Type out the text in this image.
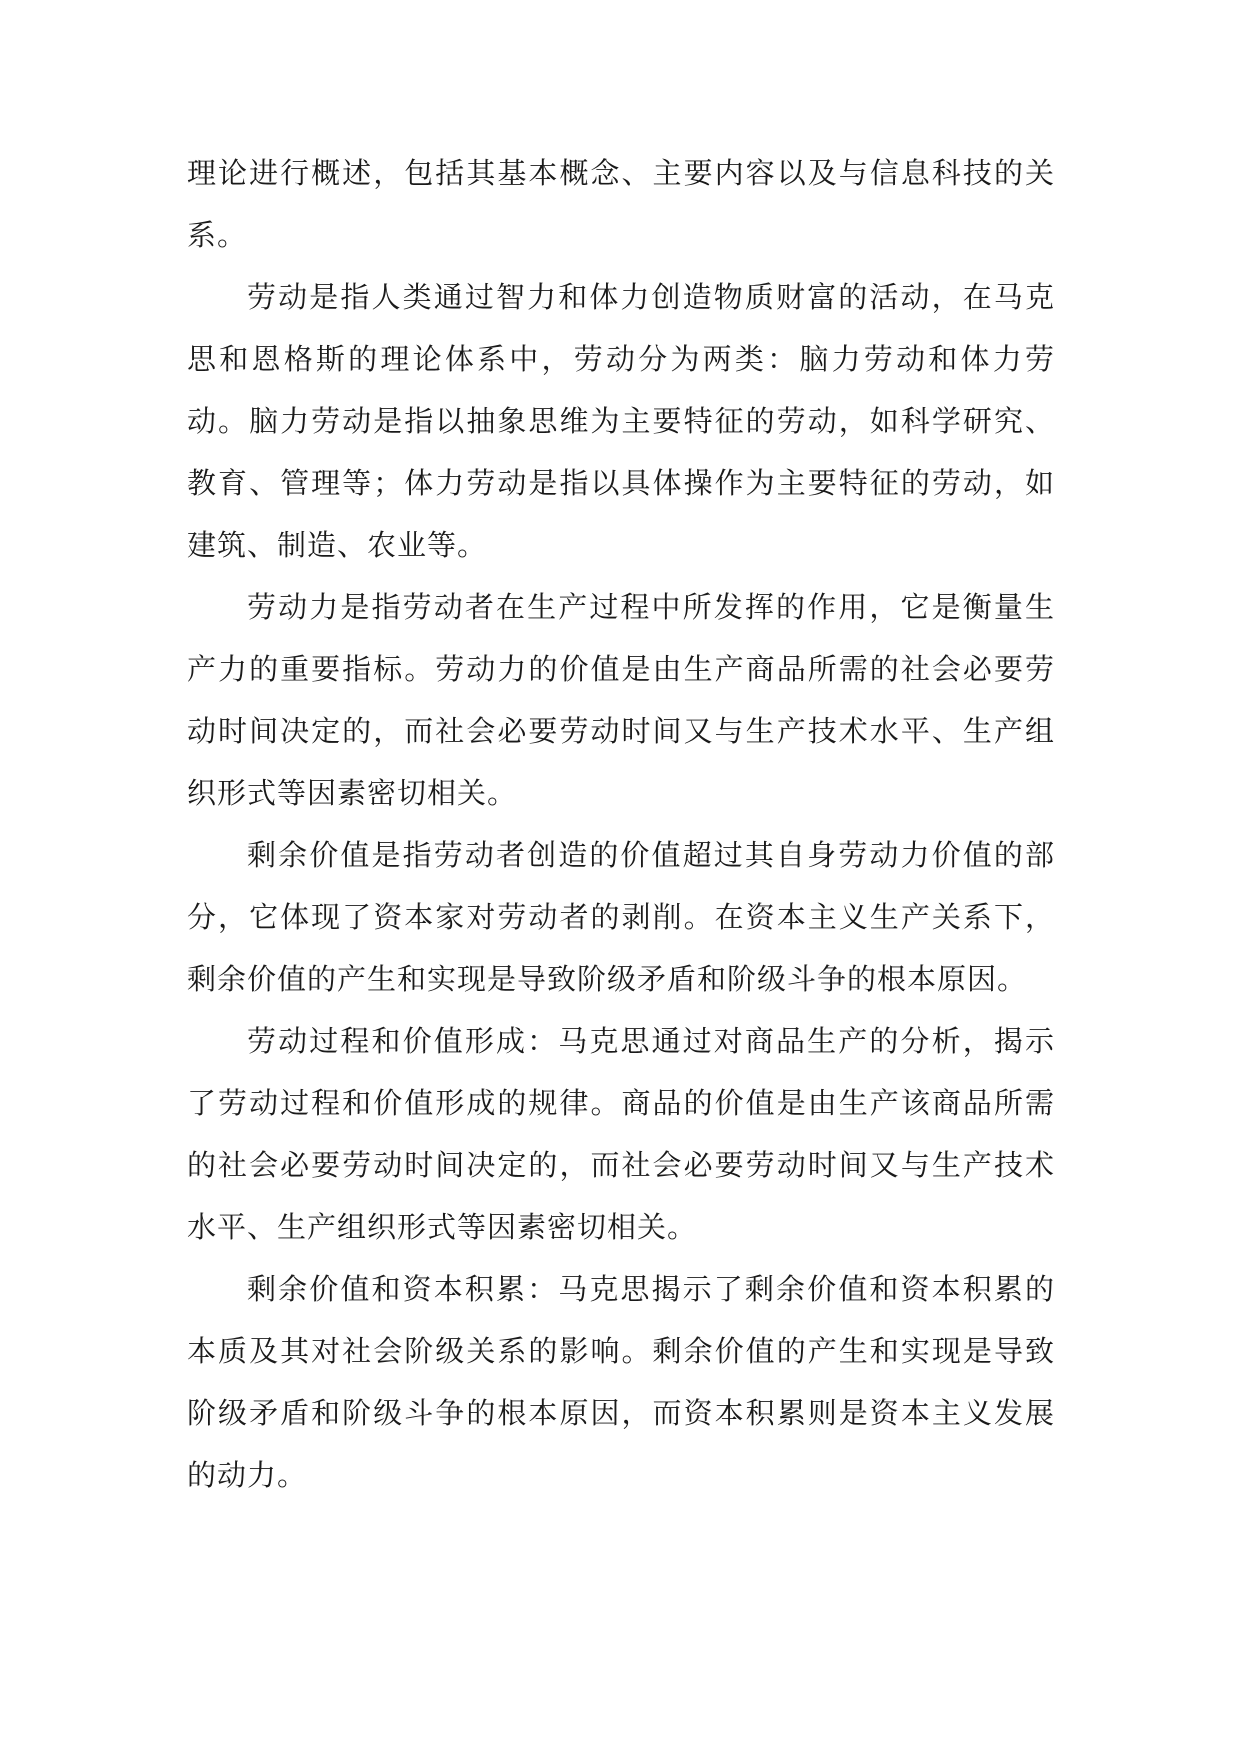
理论进行概述，包括其基本概念、主要内容以及与信息科技的关系。

劳动是指人类通过智力和体力创造物质财富的活动，在马克思和恩格斯的理论体系中，劳动分为两类：脑力劳动和体力劳动。脑力劳动是指以抽象思维为主要特征的劳动，如科学研究、教育、管理等；体力劳动是指以具体操作为主要特征的劳动，如建筑、制造、农业等。

劳动力是指劳动者在生产过程中所发挥的作用，它是衡量生产力的重要指标。劳动力的价值是由生产商品所需的社会必要劳动时间决定的，而社会必要劳动时间又与生产技术水平、生产组织形式等因素密切相关。

剩余价值是指劳动者创造的价值超过其自身劳动力价值的部分，它体现了资本家对劳动者的剥削。在资本主义生产关系下，剩余价值的产生和实现是导致阶级矛盾和阶级斗争的根本原因。

劳动过程和价值形成：马克思通过对商品生产的分析，揭示了劳动过程和价值形成的规律。商品的价值是由生产该商品所需的社会必要劳动时间决定的，而社会必要劳动时间又与生产技术水平、生产组织形式等因素密切相关。

剩余价值和资本积累：马克思揭示了剩余价值和资本积累的本质及其对社会阶级关系的影响。剩余价值的产生和实现是导致阶级矛盾和阶级斗争的根本原因，而资本积累则是资本主义发展的动力。
